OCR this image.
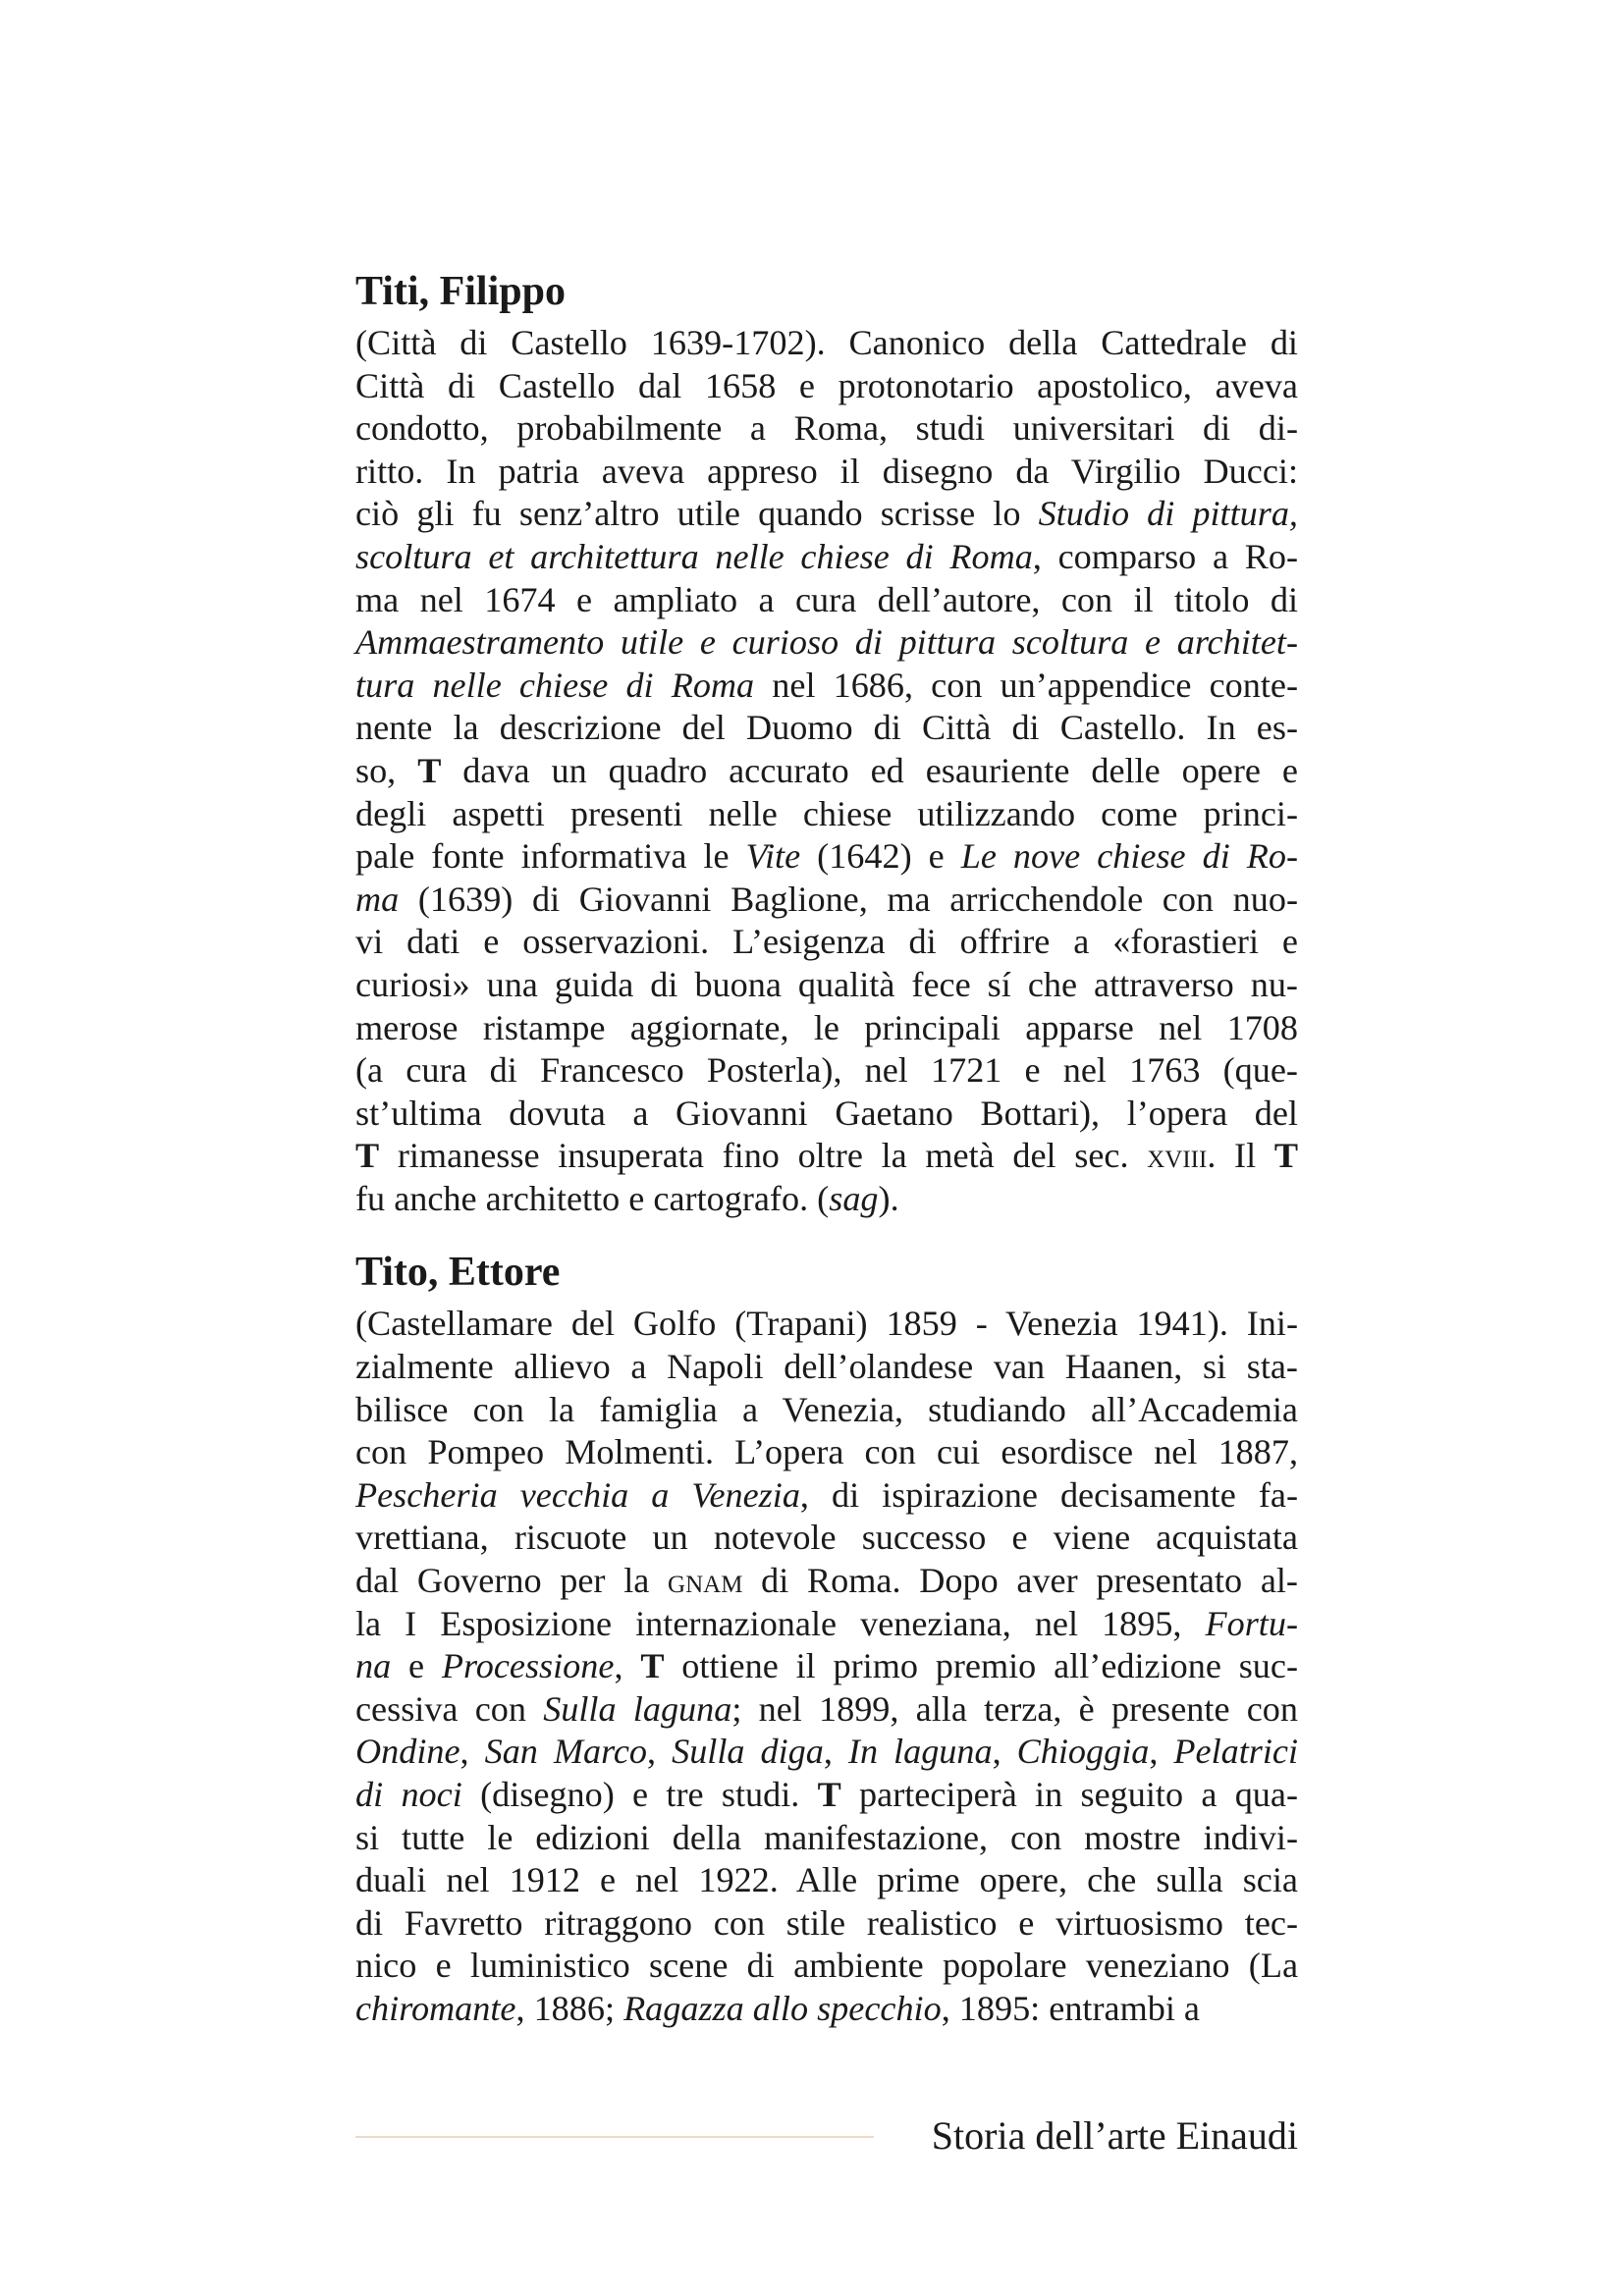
Titi, Filippo
(Città di Castello 1639-1702). Canonico della Cattedrale di
Città di Castello dal 1658 e protonotario apostolico, aveva
condotto, probabilmente a Roma, studi universitari di di-
ritto. In patria aveva appreso il disegno da Virgilio Ducci:
ciò gli fu senz’altro utile quando scrisse lo Studio di pittura,
scoltura et architettura nelle chiese di Roma, comparso a Ro-
ma nel 1674 e ampliato a cura dell’autore, con il titolo di
Ammaestramento utile e curioso di pittura scoltura e architet-
tura nelle chiese di Roma nel 1686, con un’appendice conte-
nente la descrizione del Duomo di Città di Castello. In es-
so, T dava un quadro accurato ed esauriente delle opere e
degli aspetti presenti nelle chiese utilizzando come princi-
pale fonte informativa le Vite (1642) e Le nove chiese di Ro-
ma (1639) di Giovanni Baglione, ma arricchendole con nuo-
vi dati e osservazioni. L’esigenza di offrire a «forastieri e
curiosi» una guida di buona qualità fece sí che attraverso nu-
merose ristampe aggiornate, le principali apparse nel 1708
(a cura di Francesco Posterla), nel 1721 e nel 1763 (que-
st’ultima dovuta a Giovanni Gaetano Bottari), l’opera del
T rimanesse insuperata fino oltre la metà del sec. xviii. Il T
fu anche architetto e cartografo. (sag).
Tito, Ettore
(Castellamare del Golfo (Trapani) 1859 - Venezia 1941). Ini-
zialmente allievo a Napoli dell’olandese van Haanen, si sta-
bilisce con la famiglia a Venezia, studiando all’Accademia
con Pompeo Molmenti. L’opera con cui esordisce nel 1887,
Pescheria vecchia a Venezia, di ispirazione decisamente fa-
vrettiana, riscuote un notevole successo e viene acquistata
dal Governo per la gnam di Roma. Dopo aver presentato al-
la I Esposizione internazionale veneziana, nel 1895, Fortu-
na e Processione, T ottiene il primo premio all’edizione suc-
cessiva con Sulla laguna; nel 1899, alla terza, è presente con
Ondine, San Marco, Sulla diga, In laguna, Chioggia, Pelatrici
di noci (disegno) e tre studi. T parteciperà in seguito a qua-
si tutte le edizioni della manifestazione, con mostre indivi-
duali nel 1912 e nel 1922. Alle prime opere, che sulla scia
di Favretto ritraggono con stile realistico e virtuosismo tec-
nico e luministico scene di ambiente popolare veneziano (La
chiromante, 1886; Ragazza allo specchio, 1895: entrambi a
Storia dell’arte Einaudi
